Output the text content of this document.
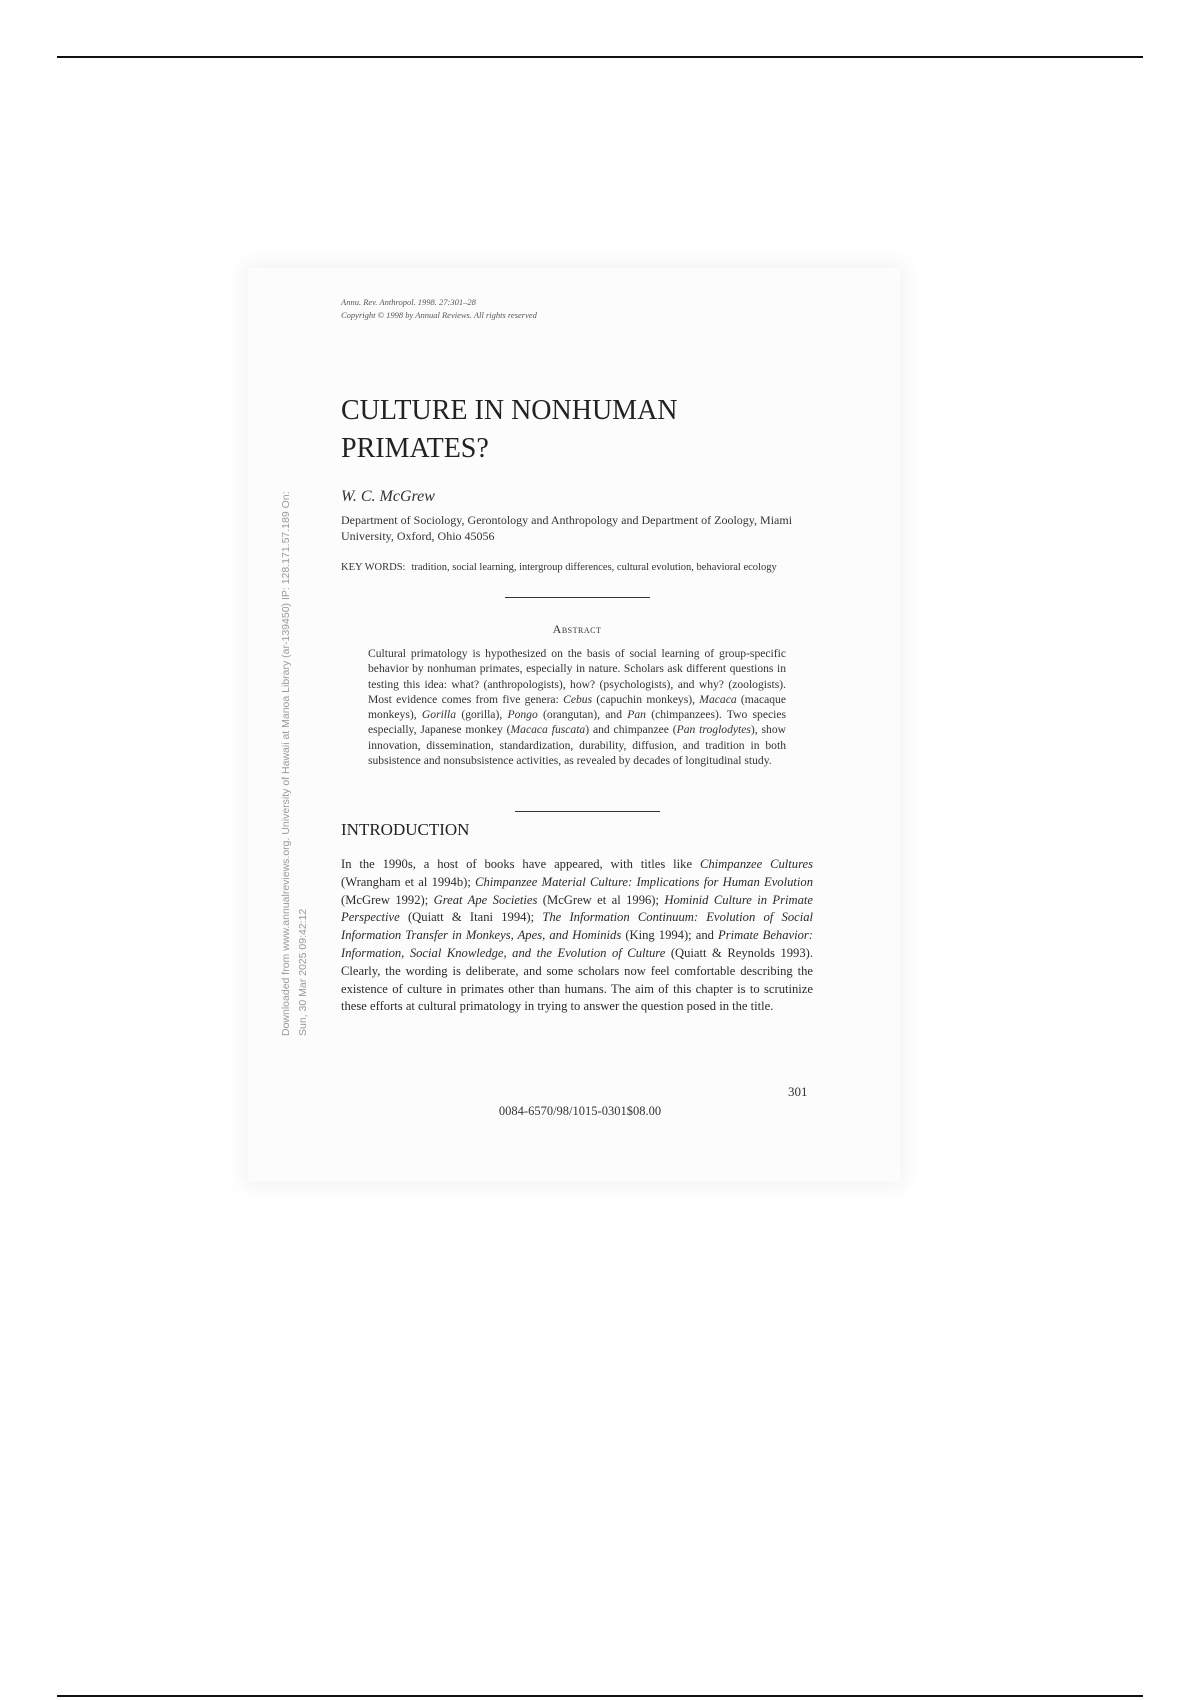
Downloaded from www.annualreviews.org. University of Hawaii at Manoa Library (ar-139450) IP: 128.171.57.189 On: Sun, 30 Mar 2025 09:42:12
Annu. Rev. Anthropol. 1998. 27:301–28
Copyright © 1998 by Annual Reviews. All rights reserved
CULTURE IN NONHUMAN PRIMATES?
W. C. McGrew
Department of Sociology, Gerontology and Anthropology and Department of Zoology, Miami University, Oxford, Ohio 45056
KEY WORDS: tradition, social learning, intergroup differences, cultural evolution, behavioral ecology
Abstract
Cultural primatology is hypothesized on the basis of social learning of group-specific behavior by nonhuman primates, especially in nature. Scholars ask different questions in testing this idea: what? (anthropologists), how? (psychologists), and why? (zoologists). Most evidence comes from five genera: Cebus (capuchin monkeys), Macaca (macaque monkeys), Gorilla (gorilla), Pongo (orangutan), and Pan (chimpanzees). Two species especially, Japanese monkey (Macaca fuscata) and chimpanzee (Pan troglodytes), show innovation, dissemination, standardization, durability, diffusion, and tradition in both subsistence and nonsubsistence activities, as revealed by decades of longitudinal study.
INTRODUCTION
In the 1990s, a host of books have appeared, with titles like Chimpanzee Cultures (Wrangham et al 1994b); Chimpanzee Material Culture: Implications for Human Evolution (McGrew 1992); Great Ape Societies (McGrew et al 1996); Hominid Culture in Primate Perspective (Quiatt & Itani 1994); The Information Continuum: Evolution of Social Information Transfer in Monkeys, Apes, and Hominids (King 1994); and Primate Behavior: Information, Social Knowledge, and the Evolution of Culture (Quiatt & Reynolds 1993). Clearly, the wording is deliberate, and some scholars now feel comfortable describing the existence of culture in primates other than humans. The aim of this chapter is to scrutinize these efforts at cultural primatology in trying to answer the question posed in the title.
301
0084-6570/98/1015-0301$08.00
